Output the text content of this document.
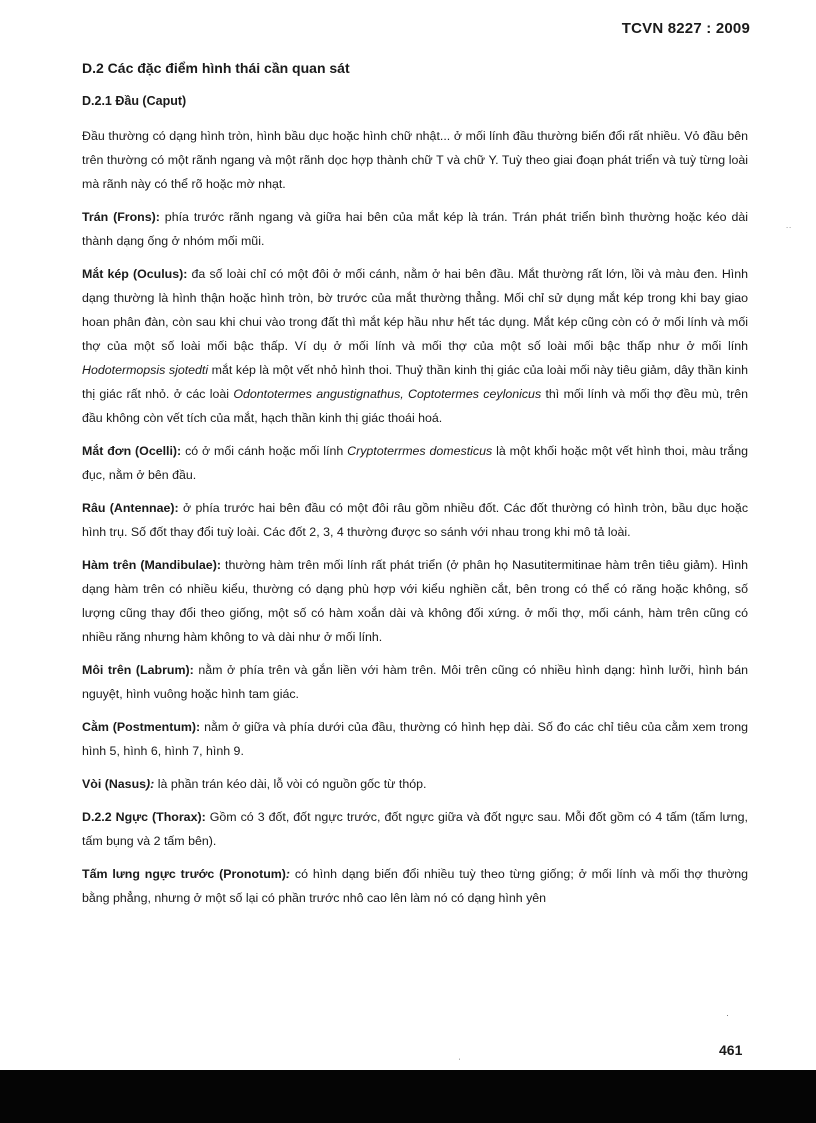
TCVN 8227 : 2009
D.2 Các đặc điểm hình thái cần quan sát
D.2.1 Đầu (Caput)

Đầu thường có dạng hình tròn, hình bầu dục hoặc hình chữ nhật... ở mối lính đầu thường biến đổi rất nhiều. Vỏ đầu bên trên thường có một rãnh ngang và một rãnh dọc hợp thành chữ T và chữ Y. Tuỳ theo giai đoạn phát triển và tuỳ từng loài mà rãnh này có thể rõ hoặc mờ nhạt.

Trán (Frons): phía trước rãnh ngang và giữa hai bên của mắt kép là trán. Trán phát triển bình thường hoặc kéo dài thành dạng ống ở nhóm mối mũi.

Mắt kép (Oculus): đa số loài chỉ có một đôi ở mối cánh, nằm ở hai bên đầu. Mắt thường rất lớn, lồi và màu đen. Hình dạng thường là hình thận hoặc hình tròn, bờ trước của mắt thường thẳng. Mối chỉ sử dụng mắt kép trong khi bay giao hoan phân đàn, còn sau khi chui vào trong đất thì mắt kép hầu như hết tác dụng. Mắt kép cũng còn có ở mối lính và mối thợ của một số loài mối bậc thấp. Ví dụ ở mối lính và mối thợ của một số loài mối bậc thấp như ở mối lính Hodotermopsis sjotedti mắt kép là một vết nhỏ hình thoi. Thuỷ thần kinh thị giác của loài mối này tiêu giảm, dây thần kinh thị giác rất nhỏ. ở các loài Odontotermes angustignathus, Coptotermes ceylonicus thì mối lính và mối thợ đều mù, trên đầu không còn vết tích của mắt, hạch thần kinh thị giác thoái hoá.

Mắt đơn (Ocelli): có ở mối cánh hoặc mối lính Cryptoterrmes domesticus là một khối hoặc một vết hình thoi, màu trắng đục, nằm ở bên đầu.

Râu (Antennae): ở phía trước hai bên đầu có một đôi râu gồm nhiều đốt. Các đốt thường có hình tròn, bầu dục hoặc hình trụ. Số đốt thay đổi tuỳ loài. Các đốt 2, 3, 4 thường được so sánh với nhau trong khi mô tả loài.

Hàm trên (Mandibulae): thường hàm trên mối lính rất phát triển (ở phân họ Nasutitermitinae hàm trên tiêu giảm). Hình dạng hàm trên có nhiều kiểu, thường có dạng phù hợp với kiểu nghiền cắt, bên trong có thể có răng hoặc không, số lượng cũng thay đổi theo giống, một số có hàm xoắn dài và không đối xứng. ở mối thợ, mối cánh, hàm trên cũng có nhiều răng nhưng hàm không to và dài như ở mối lính.

Môi trên (Labrum): nằm ở phía trên và gắn liền với hàm trên. Môi trên cũng có nhiều hình dạng: hình lưỡi, hình bán nguyệt, hình vuông hoặc hình tam giác.

Cằm (Postmentum): nằm ở giữa và phía dưới của đầu, thường có hình hẹp dài. Số đo các chỉ tiêu của cằm xem trong hình 5, hình 6, hình 7, hình 9.

Vòi (Nasus): là phần trán kéo dài, lỗ vòi có nguồn gốc từ thóp.

D.2.2 Ngực (Thorax): Gồm có 3 đốt, đốt ngực trước, đốt ngực giữa và đốt ngực sau. Mỗi đốt gồm có 4 tấm (tấm lưng, tấm bụng và 2 tấm bên).

Tấm lưng ngực trước (Pronotum): có hình dạng biến đổi nhiều tuỳ theo từng giống; ở mối lính và mối thợ thường bằng phẳng, nhưng ở một số lại có phần trước nhô cao lên làm nó có dạng hình yên

˙˙
ˌ
·
461
